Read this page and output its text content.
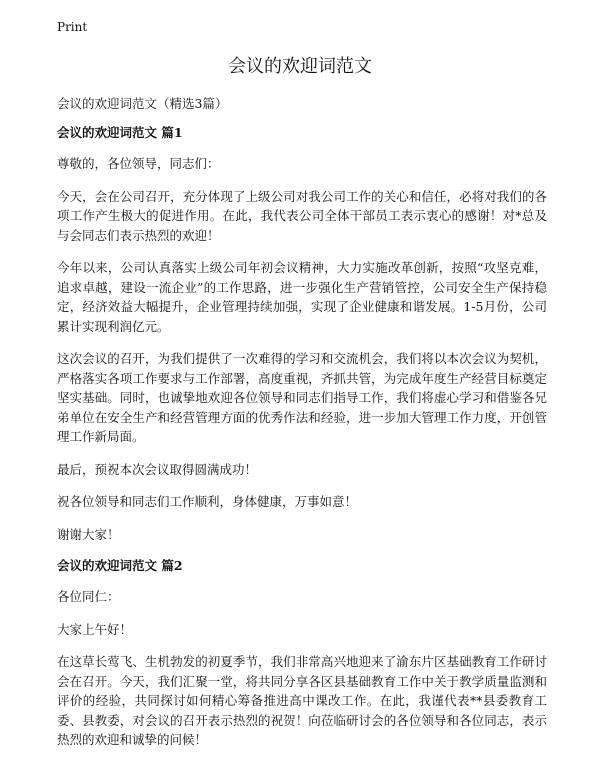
Print
会议的欢迎词范文

会议的欢迎词范文（精选3篇）

会议的欢迎词范文 篇1

尊敬的，各位领导，同志们：

今天，会在公司召开，充分体现了上级公司对我公司工作的关心和信任，必将对我们的各项工作产生极大的促进作用。在此，我代表公司全体干部员工表示衷心的感谢！对*总及与会同志们表示热烈的欢迎！

今年以来，公司认真落实上级公司年初会议精神，大力实施改革创新，按照“攻坚克难，追求卓越，建设一流企业”的工作思路，进一步强化生产营销管控，公司安全生产保持稳定，经济效益大幅提升，企业管理持续加强，实现了企业健康和谐发展。1-5月份，公司累计实现利润亿元。

这次会议的召开，为我们提供了一次难得的学习和交流机会，我们将以本次会议为契机，严格落实各项工作要求与工作部署，高度重视，齐抓共管，为完成年度生产经营目标奠定坚实基础。同时，也诚挚地欢迎各位领导和同志们指导工作，我们将虚心学习和借鉴各兄弟单位在安全生产和经营管理方面的优秀作法和经验，进一步加大管理工作力度，开创管理工作新局面。

最后，预祝本次会议取得圆满成功！

祝各位领导和同志们工作顺利，身体健康，万事如意！

谢谢大家！

会议的欢迎词范文 篇2

各位同仁：

大家上午好！

在这草长莺飞、生机勃发的初夏季节，我们非常高兴地迎来了渝东片区基础教育工作研讨会在召开。今天，我们汇聚一堂，将共同分享各区县基础教育工作中关于教学质量监测和评价的经验，共同探讨如何精心筹备推进高中课改工作。在此，我谨代表**县委教育工委、县教委，对会议的召开表示热烈的祝贺！向莅临研讨会的各位领导和各位同志，表示热烈的欢迎和诚挚的问候！
